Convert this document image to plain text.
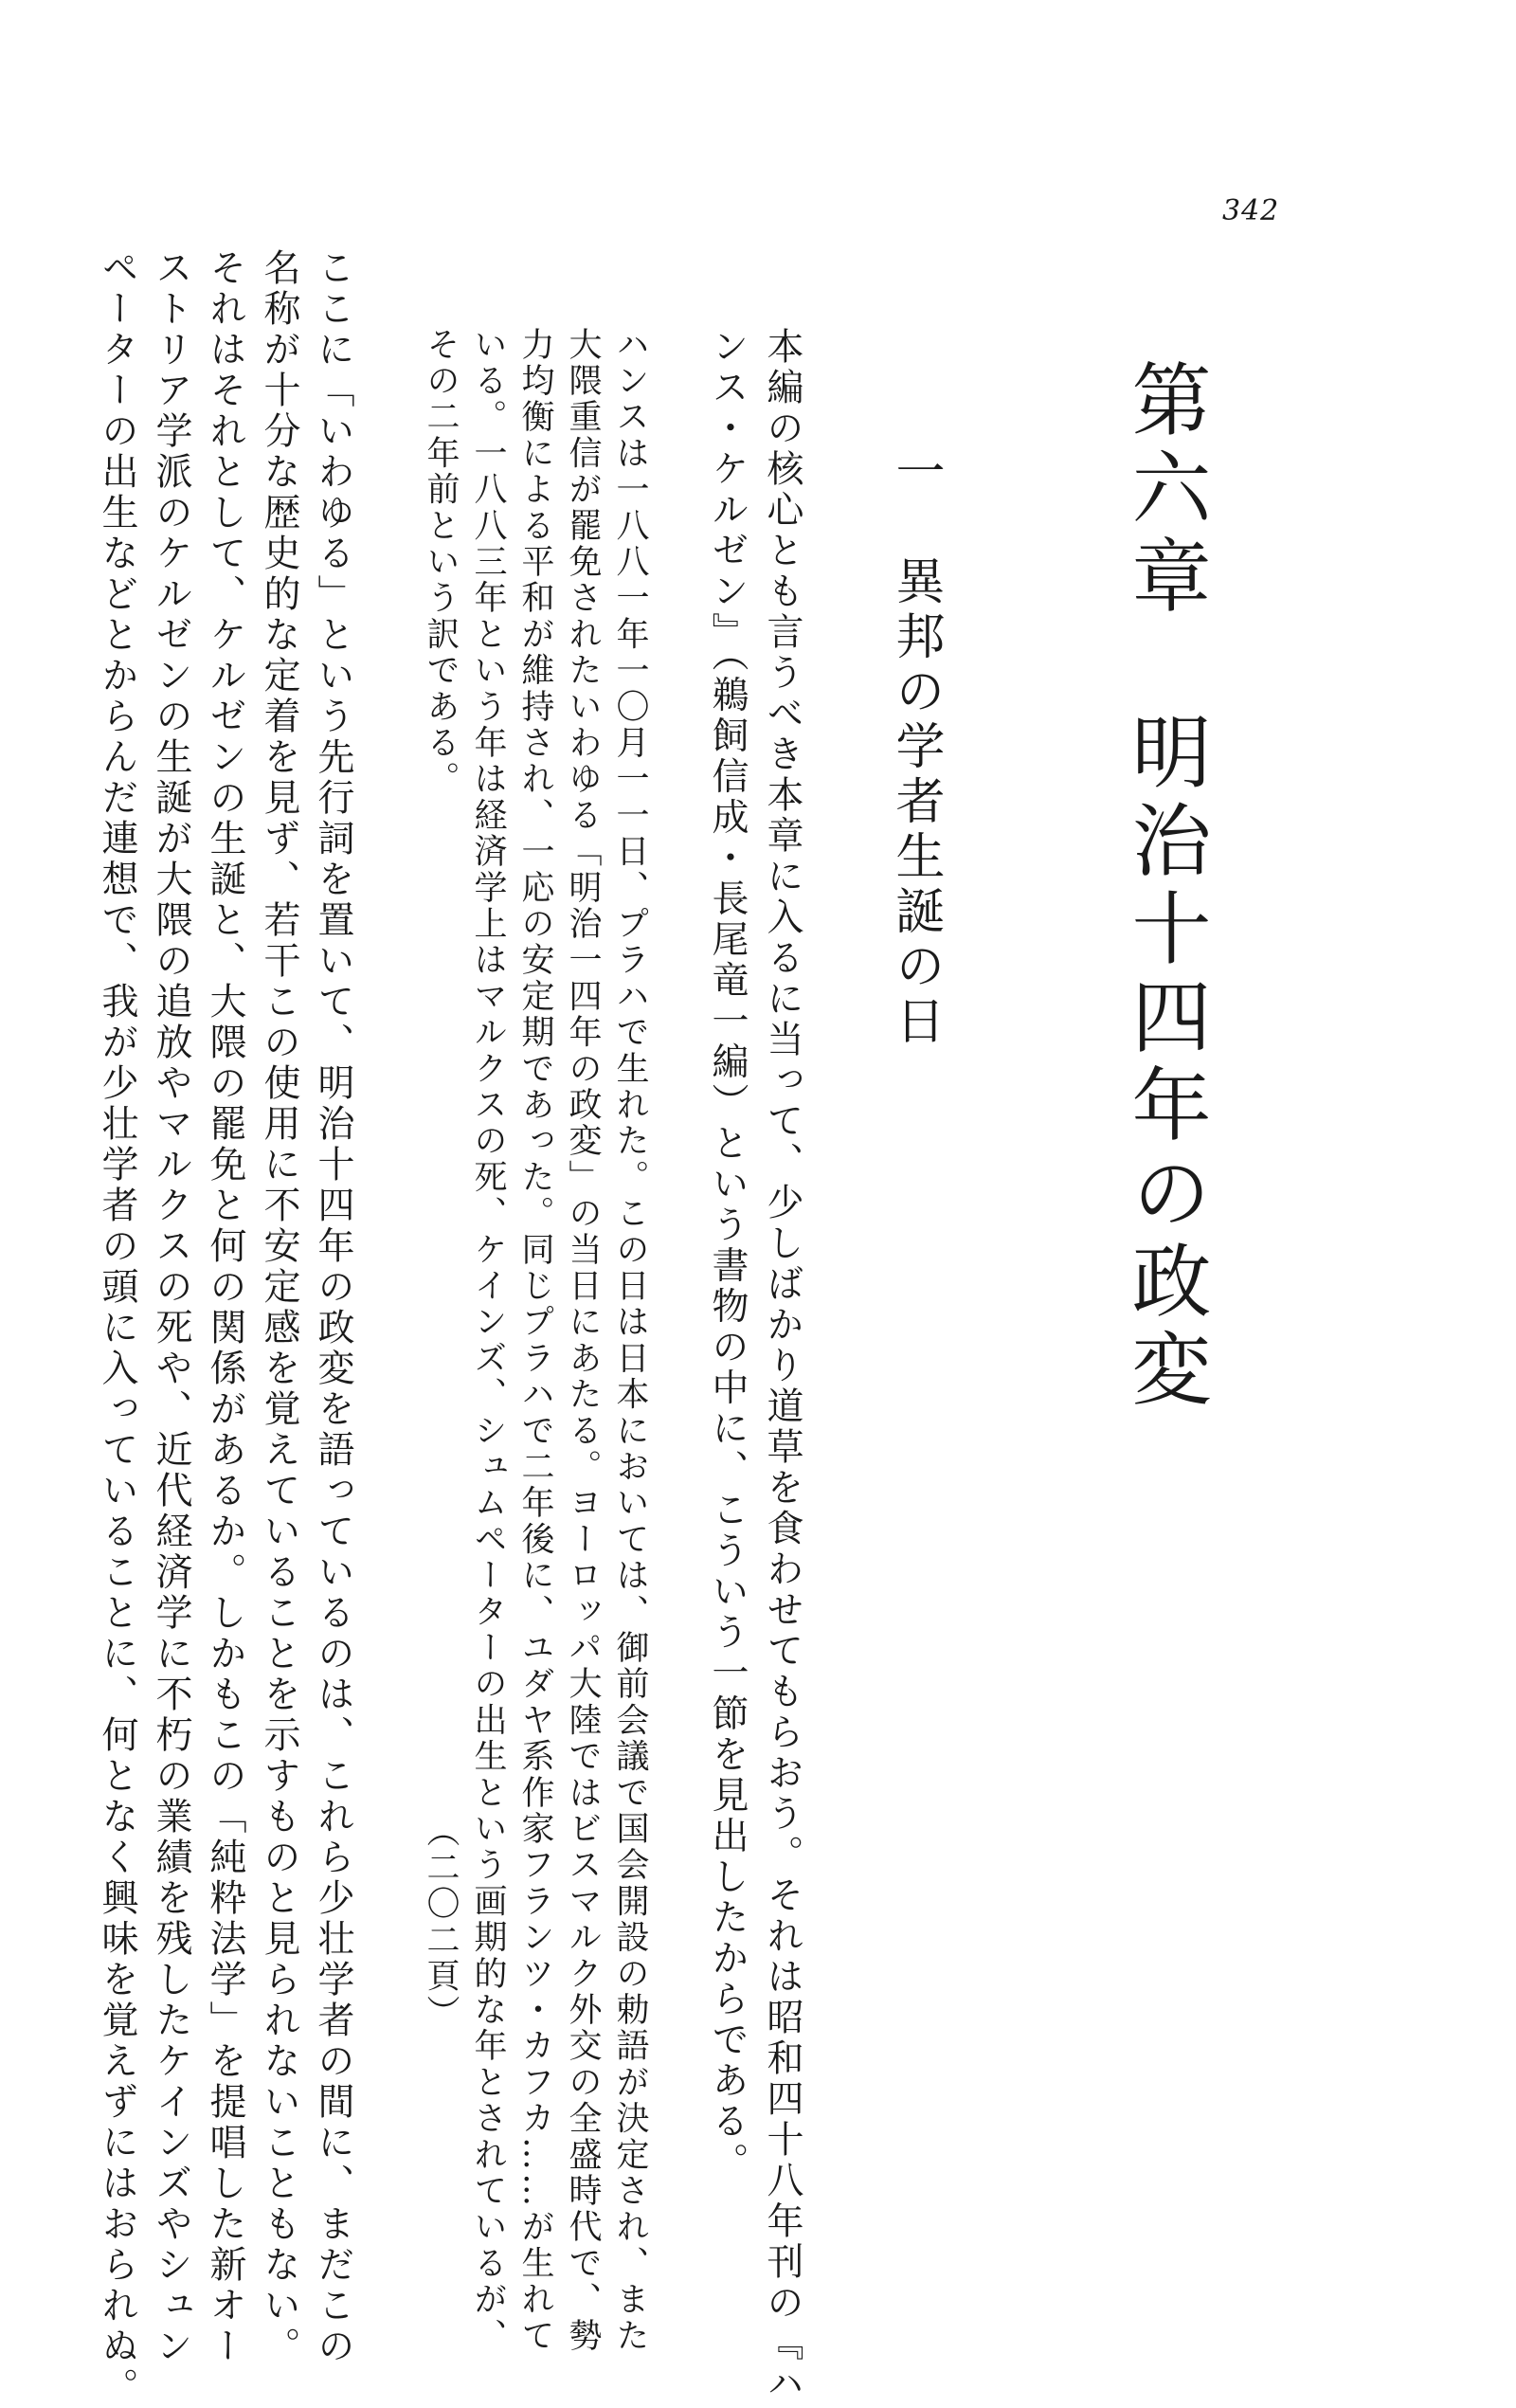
342
第六章　明治十四年の政変
一　異邦の学者生誕の日
本編の核心とも言うべき本章に入るに当って、少しばかり道草を食わせてもらおう。それは昭和四十八年刊の『ハ
ンス・ケルゼン』（鵜飼信成・長尾竜一編）という書物の中に、こういう一節を見出したからである。
ハンスは一八八一年一〇月一一日、プラハで生れた。この日は日本においては、御前会議で国会開設の勅語が決定され、また
大隈重信が罷免されたいわゆる「明治一四年の政変」の当日にあたる。ヨーロッパ大陸ではビスマルク外交の全盛時代で、勢
力均衡による平和が維持され、一応の安定期であった。同じプラハで二年後に、ユダヤ系作家フランツ・カフカ……が生れて
いる。一八八三年という年は経済学上はマルクスの死、ケインズ、シュムペーターの出生という画期的な年とされているが、
その二年前という訳である。（二〇二頁）
ここに「いわゆる」という先行詞を置いて、明治十四年の政変を語っているのは、これら少壮学者の間に、まだこの
名称が十分な歴史的な定着を見ず、若干この使用に不安定感を覚えていることを示すものと見られないこともない。
それはそれとして、ケルゼンの生誕と、大隈の罷免と何の関係があるか。しかもこの「純粋法学」を提唱した新オー
ストリア学派のケルゼンの生誕が大隈の追放やマルクスの死や、近代経済学に不朽の業績を残したケインズやシュン
ペーターの出生などとからんだ連想で、我が少壮学者の頭に入っていることに、何となく興味を覚えずにはおられぬ。
